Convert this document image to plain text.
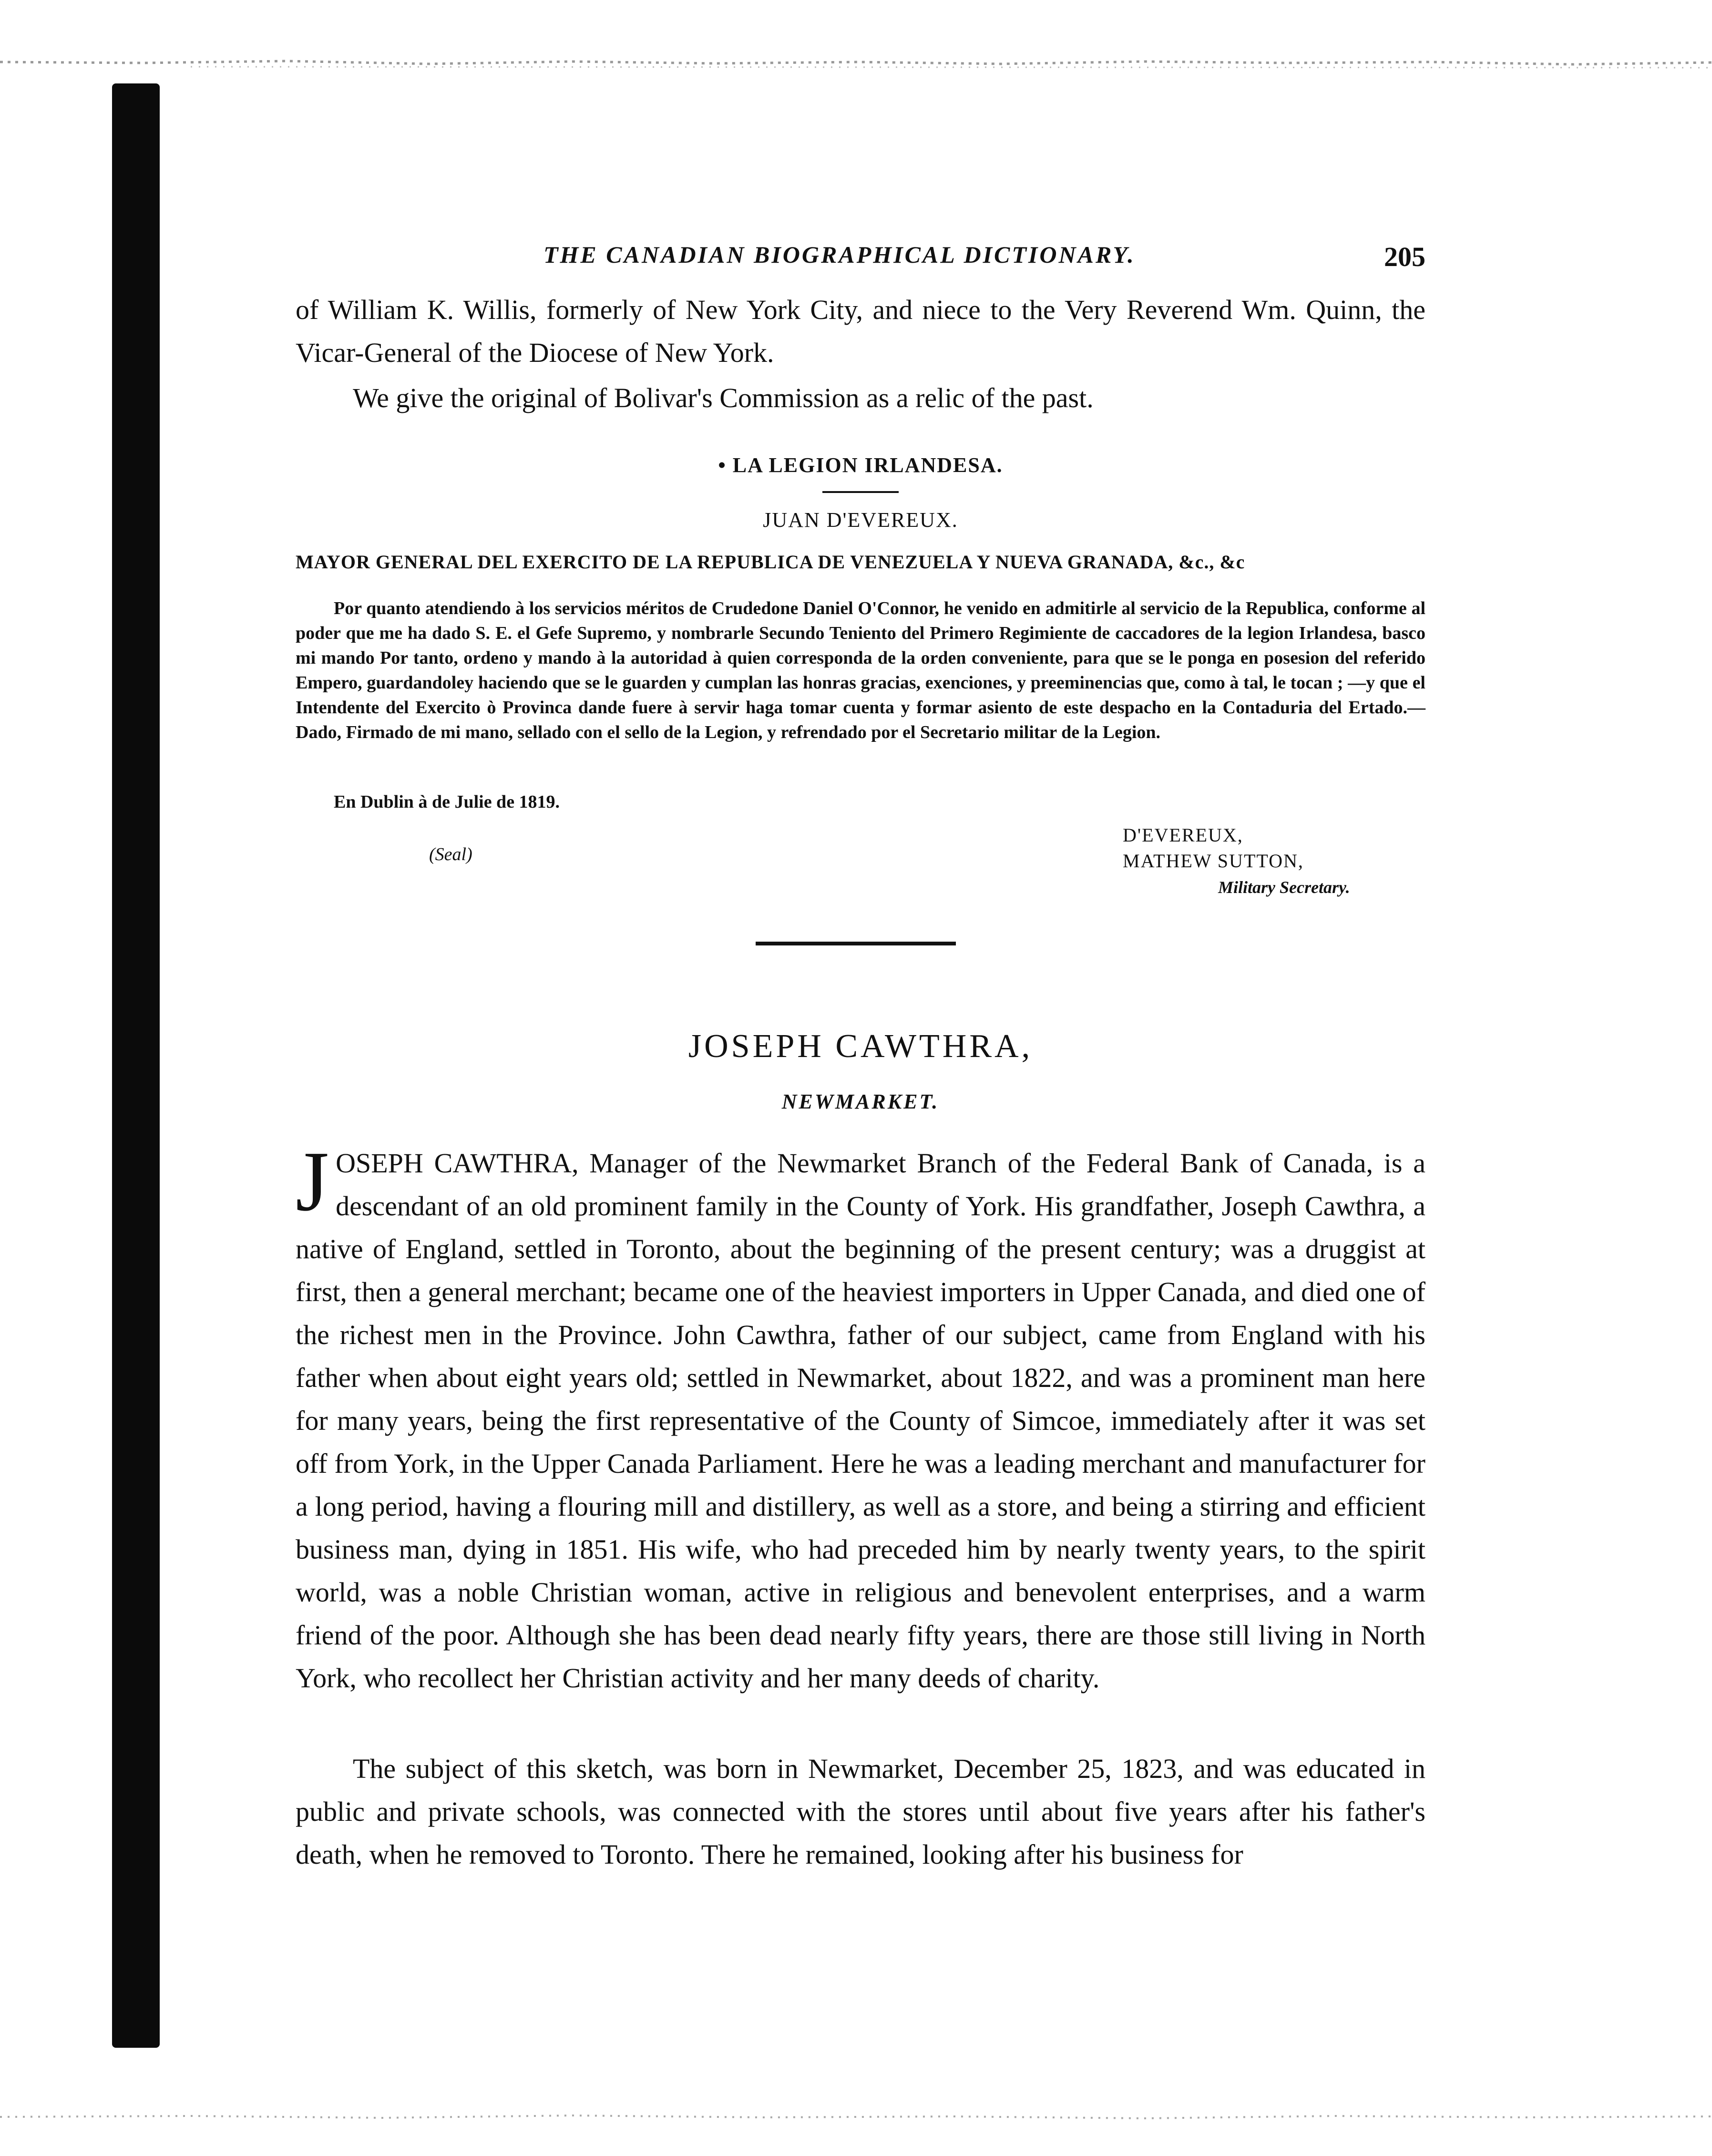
THE CANADIAN BIOGRAPHICAL DICTIONARY.	205

of William K. Willis, formerly of New York City, and niece to the Very Reverend Wm. Quinn, the Vicar-General of the Diocese of New York.

We give the original of Bolivar's Commission as a relic of the past.

• LA LEGION IRLANDESA.
JUAN D'EVEREUX.
MAYOR GENERAL DEL EXERCITO DE LA REPUBLICA DE VENEZUELA Y NUEVA GRANADA, &c., &c

Por quanto atendiendo à los servicios méritos de Crudedone Daniel O'Connor, he venido en admitirle al servicio de la Republica, conforme al poder que me ha dado S. E. el Gefe Supremo, y nombrarle Secundo Teniento del Primero Regimiente de caccadores de la legion Irlandesa, basco mi mando Por tanto, ordeno y mando à la autoridad à quien corresponda de la orden conveniente, para que se le ponga en posesion del referido Empero, guardandoley haciendo que se le guarden y cumplan las honras gracias, exenciones, y preeminencias que, como à tal, le tocan ; —y que el Intendente del Exercito ò Provinca dande fuere à servir haga tomar cuenta y formar asiento de este despacho en la Contaduria del Ertado.—Dado, Firmado de mi mano, sellado con el sello de la Legion, y refrendado por el Secretario militar de la Legion.

En Dublin à de Julie de 1819.
(Seal)
D'EVEREUX,
MATHEW SUTTON,
Military Secretary.
JOSEPH CAWTHRA,
NEWMARKET.
JOSEPH CAWTHRA, Manager of the Newmarket Branch of the Federal Bank of Canada, is a descendant of an old prominent family in the County of York. His grandfather, Joseph Cawthra, a native of England, settled in Toronto, about the beginning of the present century; was a druggist at first, then a general merchant; became one of the heaviest importers in Upper Canada, and died one of the richest men in the Province. John Cawthra, father of our subject, came from England with his father when about eight years old; settled in Newmarket, about 1822, and was a prominent man here for many years, being the first representative of the County of Simcoe, immediately after it was set off from York, in the Upper Canada Parliament. Here he was a leading merchant and manufacturer for a long period, having a flouring mill and distillery, as well as a store, and being a stirring and efficient business man, dying in 1851. His wife, who had preceded him by nearly twenty years, to the spirit world, was a noble Christian woman, active in religious and benevolent enterprises, and a warm friend of the poor. Although she has been dead nearly fifty years, there are those still living in North York, who recollect her Christian activity and her many deeds of charity.

The subject of this sketch, was born in Newmarket, December 25, 1823, and was educated in public and private schools, was connected with the stores until about five years after his father's death, when he removed to Toronto. There he remained, looking after his business for
